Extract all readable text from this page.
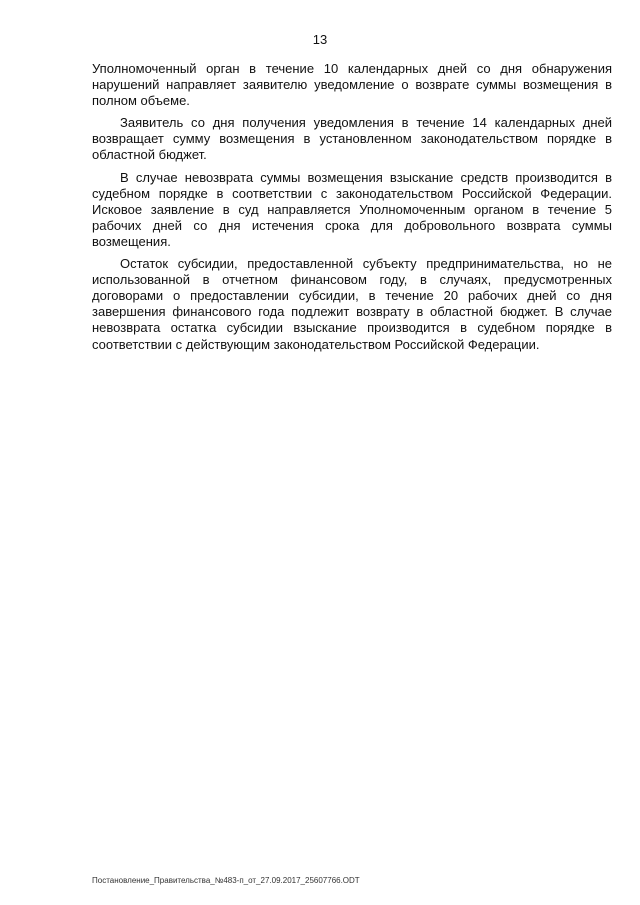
13

Уполномоченный орган в течение 10 календарных дней со дня обнаружения нарушений направляет заявителю уведомление о возврате суммы возмещения в полном объеме.

Заявитель со дня получения уведомления в течение 14 календарных дней возвращает сумму возмещения в установленном законодательством порядке в областной бюджет.

В случае невозврата суммы возмещения взыскание средств производится в судебном порядке в соответствии с законодательством Российской Федерации. Исковое заявление в суд направляется Уполномоченным органом в течение 5 рабочих дней со дня истечения срока для добровольного возврата суммы возмещения.

Остаток субсидии, предоставленной субъекту предпринимательства, но не использованной в отчетном финансовом году, в случаях, предусмотренных договорами о предоставлении субсидии, в течение 20 рабочих дней со дня завершения финансового года подлежит возврату в областной бюджет. В случае невозврата остатка субсидии взыскание производится в судебном порядке в соответствии с действующим законодательством Российской Федерации.

Постановление_Правительства_№483-п_от_27.09.2017_25607766.ODT
